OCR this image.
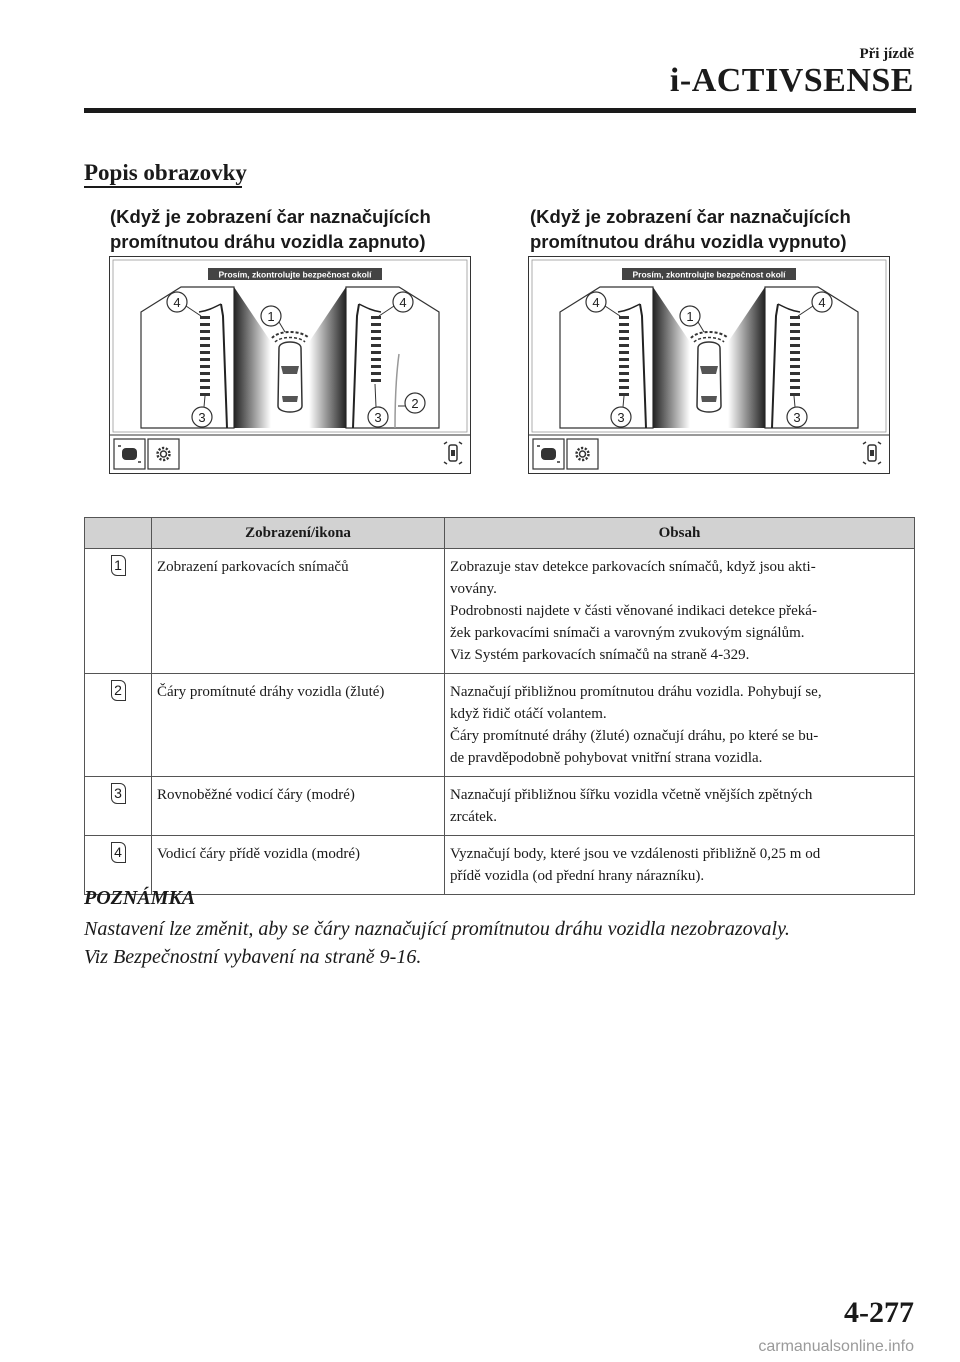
Při jízdě
i-ACTIVSENSE
Popis obrazovky
(Když je zobrazení čar naznačujících
promítnutou dráhu vozidla zapnuto)
(Když je zobrazení čar naznačujících
promítnutou dráhu vozidla vypnuto)
Prosím, zkontrolujte bezpečnost okolí
4
1
4
3	3
2
Prosím, zkontrolujte bezpečnost okolí
4
1
4
3	3
	Zobrazení/ikona	Obsah
1	Zobrazení parkovacích snímačů	Zobrazuje stav detekce parkovacích snímačů, když jsou akti-
vovány.
Podrobnosti najdete v části věnované indikaci detekce překá-
žek parkovacími snímači a varovným zvukovým signálům.
Viz Systém parkovacích snímačů na straně 4-329.

2	Čáry promítnuté dráhy vozidla (žluté)	Naznačují přibližnou promítnutou dráhu vozidla. Pohybují se,
když řidič otáčí volantem.
Čáry promítnuté dráhy (žluté) označují dráhu, po které se bu-
de pravděpodobně pohybovat vnitřní strana vozidla.

3	Rovnoběžné vodicí čáry (modré)	Naznačují přibližnou šířku vozidla včetně vnějších zpětných
zrcátek.

4	Vodicí čáry přídě vozidla (modré)	Vyznačují body, které jsou ve vzdálenosti přibližně 0,25 m od
přídě vozidla (od přední hrany nárazníku).
POZNÁMKA
Nastavení lze změnit, aby se čáry naznačující promítnutou dráhu vozidla nezobrazovaly.
Viz Bezpečnostní vybavení na straně 9-16.
4-277
carmanualsonline.info
